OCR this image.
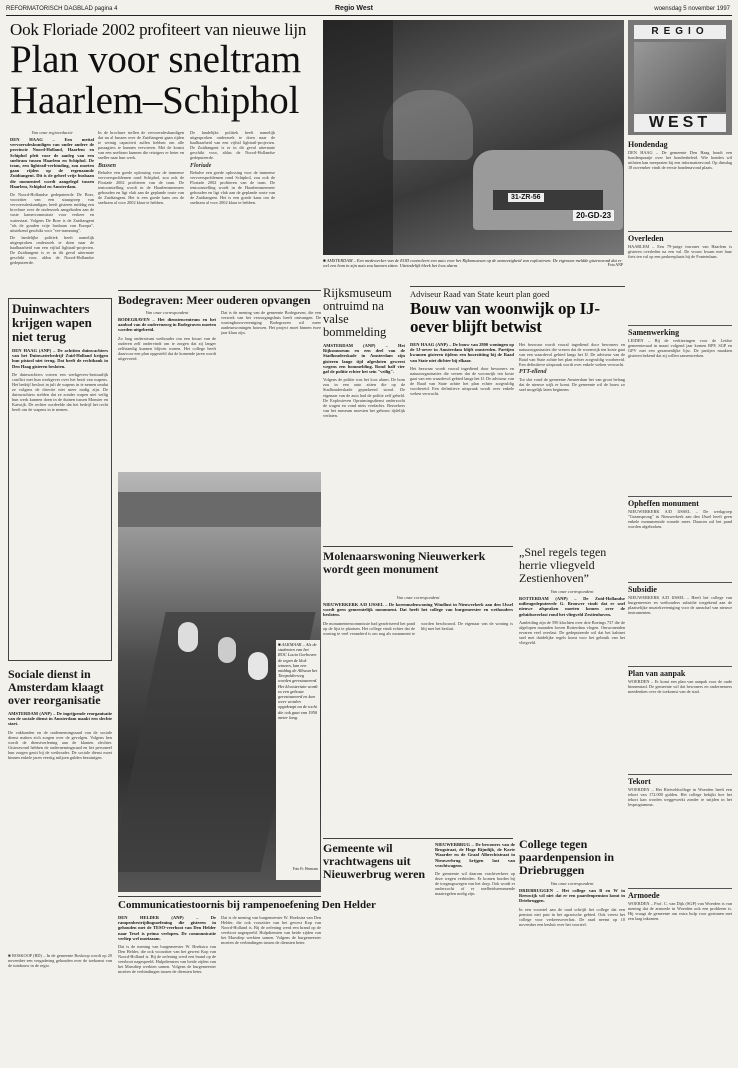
REFORMATORISCH DAGBLAD pagina 4	Regio West	woensdag 5 november 1997
Ook Floriade 2002 profiteert van nieuwe lijn
Plan voor sneltram
Haarlem–Schiphol
Van onze regioredactie
DEN HAAG – Een mettal vervoersdeskundigen van onder andere de provincie Noord-Holland, Haarlem en Schiphol pleit voor de aanleg van een sneltram tussen Haarlem en Schiphol. De tram, een lightrail-verbinding, zou moeten gaan rijden op de regenaamde Zuidtangent. Dit is de geheel vrije busbaan die momenteel wordt aangelegd tussen Haarlem, Schiphol en Amsterdam.
De Noord-Hollandse gedeputeerde De Boer, voorzitter van een stuurgroep van vervoersdeskundigen, heeft gisteren middag een brochure over de onderzoek aangeboden aan de vaste kamercommissie voor verkeer en waterstaat. Volgens De Boer is de Zuidtangent "als de gouden vrije busbaan van Europa", uitstekend geschikt voor "ver-tramming".
De landelijke politiek heeft namelijk uitgesproken onderzoek te doen naar de haalbaarheid van een vijftal lightrail-projecten. De Zuidtangent is er in dit geval uitermate geschikt voor, aldus de Noord-Hollandse gedeputeerde.
In de brochure stellen de vervoersdeskundigen dat nu al bussen over de Zuidtangent gaan rijden te weinig capaciteit zullen hebben om alle passagiers te kunnen vervoeren. Met de komst van een sneltram kunnen die reizigers er beter en sneller naar hun werk.
Bussen
Behalve een goede oplossing voor de immense vervoersproblemen rond Schiphol, zou ook de Floriade 2002 profiteren van de tram. De tentoonstelling wordt in de Haarlemmermeer gehouden en ligt vlak aan de geplande route van de Zuidtangent. Het is een goede kans om de sneltram al voor 2002 klaar te hebben.
De landelijke politiek heeft namelijk uitgesproken onderzoek te doen naar de haalbaarheid van een vijftal lightrail-projecten. De Zuidtangent is er in dit geval uitermate geschikt voor, aldus de Noord-Hollandse gedeputeerde.
Floriade
Behalve een goede oplossing voor de immense vervoersproblemen rond Schiphol, zou ook de Floriade 2002 profiteren van de tram. De tentoonstelling wordt in de Haarlemmermeer gehouden en ligt vlak aan de geplande route van de Zuidtangent. Het is een goede kans om de sneltram al voor 2002 klaar te hebben.
31-ZR-56
20-GD-23
■ AMSTERDAM – Een medewerker van de EOD controleert een auto voor het Rijksmuseum op de aanwezigheid van explosieven. De eigenaar meldde gisteravond dat er wel een bom in zijn auto zou kunnen zitten. Uiteindelijk bleek het loos alarm.	Foto ANP
REGIO
WEST
Hondendag
DEN HAAG – De gemeente Den Haag houdt een hondenpraatje over het hondenbeleid. Wie honden wil uitlaten kan meepraten bij een informatieavond. Op dinsdag 18 november vindt de eerste hondenavond plaats.
Overleden
HAARLEM – Een 79-jarige inwoner van Haarlem is gisteren overleden na een val. De vrouw kwam met haar fiets ten val op een parkeerplaats bij de Fonteinlaan.
Samenwerking
LEIDEN – Bij de verkiezingen voor de Leidse gemeenteraad in maart volgend jaar komen RPF, SGP en GPV met een gezamenlijke lijst. De partijen maakten gisteren bekend dat zij willen samenwerken.
Opheffen monument
NIEUWERKERK A/D IJSSEL – De werkgroep "Graansprong" in Nieuwerkerk aan den IJssel heeft geen enkele monumentale waarde meer. Daarom zal het pand worden afgebroken.
Subsidie
NIEUWERKERK A/D IJSSEL – Heeft het college van burgemeester en wethouders subsidie toegekend aan de plaatselijke muziekvereniging voor de aanschaf van nieuwe instrumenten.
Plan van aanpak
WOERDEN – Er komt een plan van aanpak voor de oude binnenstad. De gemeente wil dat bewoners en ondernemers meedenken over de toekomst van de stad.
Tekort
WOERDEN – Het Rietveldcollege in Woerden heeft een tekort van 172.000 gulden. Het college bekijkt hoe het tekort kan worden weggewerkt zonder te snijden in het lesprogramma.
Armoede
WOERDEN – Prof. C. van Dijk (SGP) van Woerden is van mening dat de armoede in Woerden ook een probleem is. Hij vraagt de gemeente om extra hulp voor gezinnen met een laag inkomen.
Duinwachters krijgen wapen niet terug
DEN HAAG (ANP) – De achttien duinwachters van het Duinwaterbedrijf Zuid-Holland krijgen hun pistool niet terug. Dat heeft de rechtbank in Den Haag gisteren besloten.
De duinwachters voeren een werkgevers-bestuurlijk conflict met hun werkgever over het bezit van wapens. Het bedrijf besloot in juli de wapens in te nemen omdat ze volgens de directie niet meer nodig zijn. De duinwachters stelden dat ze zonder wapen niet veilig hun werk kunnen doen in de duinen tussen Monster en Katwijk. De rechter oordeelde dat het bedrijf het recht heeft om de wapens in te nemen.
Sociale dienst in Amsterdam klaagt over reorganisatie
AMSTERDAM (ANP) – De ingrijpende reorganisatie van de sociale dienst in Amsterdam maakt een slechte start.
De vakbonden en de ondernemingsraad van de sociale dienst maken zich zorgen over de gevolgen. Volgens hen wordt de dienstverlening aan de klanten slechter. Gisteravond hebben de ondernemingsraad en het personeel hun zorgen geuit bij de wethouder. De sociale dienst moet binnen enkele jaren veertig miljoen gulden bezuinigen.
■ BOSKOOP (RD) – In de gemeente Boskoop wordt op 20 november een vergadering gehouden over de toekomst van de tuinbouw in de regio.
Bodegraven: Meer ouderen opvangen
Van onze correspondent
BODEGRAVEN – Het dienstencentrum en het aanbod van de ouderenzorg in Bodegraven moeten worden uitgebreid.
Zo laag ondersteunt wethouder om een kwart van de ouderen zelf ondervindt om te zorgen dat zij langer zelfstandig kunnen blijven wonen. Het college heeft daarvoor een plan opgesteld dat de komende jaren wordt uitgevoerd.
Dat is de mening van de gemeente Bodegraven, die een verzoek van het verzorgingshuis heeft ontvangen. De woningbouwvereniging Bodegraven wil meer aanleunwoningen bouwen. Het project moet binnen twee jaar klaar zijn.
■ ALKMAAR – Als de studenten van het ROC Lucia Gorhoven de tegen de klok winnen, kan een middag de Albwun het Tienpolderweg worden gerestaureerd. Het kloostertuin wordt zo een gebouw gerestaureerd en kan weer worden opgeknapt na de tocht die ook gaat van 1950 meter lang.
Foto Fr. Hermans
Rijksmuseum ontruimd na valse bommelding
AMSTERDAM (ANP) – Het Rijksmuseum en een deel van de Stadhouderskade in Amsterdam zijn gisteren lange tijd afgesloten geweest wegens een bommelding. Rond half vier gaf de politie echter het sein "veilig".
Volgens de politie was het loos alarm. De bom zou in een auto zitten die op de Stadhouderskade geparkeerd stond. De eigenaar van de auto had de politie zelf gebeld. De Explosieven Opruimingsdienst onderzocht de wagen en vond niets verdachts. Bezoekers van het museum moesten het gebouw tijdelijk verlaten.
Adviseur Raad van State keurt plan goed
Bouw van woonwijk op IJ-oever blijft betwist
DEN HAAG (ANP) – De bouw van 2800 woningen op de IJ-oever in Amsterdam blijft omstreden. Partijen kwamen gisteren tijdens een hoorzitting bij de Raad van State niet dichter bij elkaar.
Het bezwaar wordt vooral ingediend door bewoners en natuurorganisaties die vrezen dat de woonwijk ten koste gaat van een waardevol gebied langs het IJ. De adviseur van de Raad van State achtte het plan echter zorgvuldig voorbereid. Een definitieve uitspraak wordt over enkele weken verwacht.
Het bezwaar wordt vooral ingediend door bewoners en natuurorganisaties die vrezen dat de woonwijk ten koste gaat van een waardevol gebied langs het IJ. De adviseur van de Raad van State achtte het plan echter zorgvuldig voorbereid. Een definitieve uitspraak wordt over enkele weken verwacht.
PTT-ellend
Tot slot vond de gemeente Amsterdam het van groot belang dat de nieuwe wijk er komt. De gemeente wil de bouw zo snel mogelijk laten beginnen.
Molenaarswoning Nieuwerkerk wordt geen monument
Van onze correspondent
NIEUWERKERK A/D IJSSEL – De korenmolenwoning Windlust in Nieuwerkerk aan den IJssel wordt geen gemeentelijk monument. Dat heeft het college van burgemeester en wethouders besloten.
De monumentencommissie had geadviseerd het pand op de lijst te plaatsen. Het college vindt echter dat de woning te veel veranderd is om nog als monument te worden beschouwd. De eigenaar van de woning is blij met het besluit.
„Snel regels tegen herrie vliegveld Zestienhoven”
Van onze correspondent
ROTTERDAM (ANP) – De Zuid-Hollandse milieugedeputeerde G. Brouwer vindt dat er snel nieuwe afspraken moeten komen over de geluidsoverlast rond het vliegveld Zestienhoven.
Aanleiding zijn de 590 klachten over drie Boeings 737 die de afgelopen maanden boven Rotterdam vlogen. Omwonenden ervaren veel overlast. De gedeputeerde wil dat het kabinet snel met duidelijke regels komt voor het gebruik van het vliegveld.
Gemeente wil vrachtwagens uit Nieuwerbrug weren
NIEUWERBRUG – De bewoners van de Brugstraat, de Hoge Rijndijk, de Korte Waarder en de Graaf Albrechtstraat in Nieuwerbrug krijgen last van vrachtwagens.
De gemeente wil daarom vrachtverkeer op deze wegen verbieden. Er komen borden bij de toegangswegen van het dorp. Ook wordt er onderzocht of er snelheidsremmende maatregelen nodig zijn.
College tegen paardenpension in Driebruggen
Van onze correspondent
DRIEBRUGGEN – Het college van B en W in Reeuwijk wil niet dat er een paardenpension komt in Driebruggen.
In een voorstel aan de raad schrijft het college dat een pension niet past in het agrarische gebied. Ook vreest het college voor verkeersoverlast. De raad neemt op 10 november een besluit over het voorstel.
Communicatiestoornis bij rampenoefening Den Helder
DEN HELDER (ANP) – De rampenbestrijdingsoefening die gisteren in gehouden met de TESO-veerboot van Den Helder naar Texel is prima verlopen. De communicatie verliep wel moeizaam.
Dat is de mening van burgemeester W. Hoekstra van Den Helder, die ook voorzitter van het gewest Kop van Noord-Holland is. Bij de oefening werd een brand op de veerboot nagespeeld. Hulpdiensten van beide zijden van het Marsdiep werkten samen. Volgens de burgemeester moeten de verbindingen tussen de diensten beter.
Dat is de mening van burgemeester W. Hoekstra van Den Helder, die ook voorzitter van het gewest Kop van Noord-Holland is. Bij de oefening werd een brand op de veerboot nagespeeld. Hulpdiensten van beide zijden van het Marsdiep werkten samen. Volgens de burgemeester moeten de verbindingen tussen de diensten beter.
